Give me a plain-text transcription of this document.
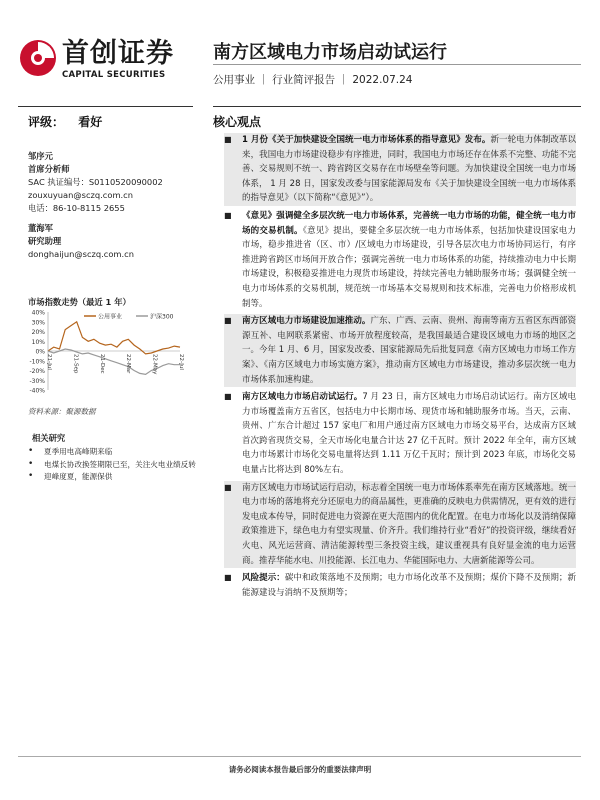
首创证券
CAPITAL SECURITIES
南方区域电力市场启动试运行
公用事业 ｜ 行业简评报告 ｜ 2022.07.24
评级： 看好
邹序元
首席分析师
SAC 执证编号：S0110520090002
zouxuyuan@sczq.com.cn
电话：86-10-8115 2655
董海军
研究助理
donghaijun@sczq.com.cn
市场指数走势（最近 1 年）
40%
30%
20%
10%
0%
-10%
-20%
-30%
-40%
公用事业	沪深300
21-Jul	21-Sep	21-Dec	22-Mar	22-May	22-Jul
资料来源：聚源数据
相关研究
• 夏季用电高峰期来临
• 电煤长协改换签期限已至，关注火电业绩反转
• 迎峰度夏，能源保供
核心观点
■ 1 月份《关于加快建设全国统一电力市场体系的指导意见》发布。新一轮电力体制改革以来，我国电力市场建设稳步有序推进，同时，我国电力市场还存在体系不完整、功能不完善、交易规则不统一、跨省跨区交易存在市场壁垒等问题。为加快建设全国统一电力市场体系， 1 月 28 日，国家发改委与国家能源局发布《关于加快建设全国统一电力市场体系的指导意见》（以下简称“《意见》”）。
■ 《意见》强调健全多层次统一电力市场体系，完善统一电力市场的功能，健全统一电力市场的交易机制。《意见》提出，要健全多层次统一电力市场体系，包括加快建设国家电力市场，稳步推进省（区、市）/区域电力市场建设，引导各层次电力市场协同运行，有序推进跨省跨区市场间开放合作；强调完善统一电力市场体系的功能，持续推动电力中长期市场建设，积极稳妥推进电力现货市场建设，持续完善电力辅助服务市场；强调健全统一电力市场体系的交易机制，规范统一市场基本交易规则和技术标准，完善电力价格形成机制等。
■ 南方区域电力市场建设加速推动。广东、广西、云南、贵州、海南等南方五省区东西部资源互补、电网联系紧密、市场开放程度较高，是我国最适合建设区域电力市场的地区之一。今年 1 月、6 月，国家发改委、国家能源局先后批复同意《南方区域电力市场工作方案》、《南方区域电力市场实施方案》，推动南方区域电力市场建设，推动多层次统一电力市场体系加速构建。
■ 南方区域电力市场启动试运行。7 月 23 日，南方区域电力市场启动试运行。南方区域电力市场覆盖南方五省区，包括电力中长期市场、现货市场和辅助服务市场。当天，云南、贵州、广东合计超过 157 家电厂和用户通过南方区域电力市场交易平台，达成南方区域首次跨省现货交易，全天市场化电量合计达 27 亿千瓦时。预计 2022 年全年，南方区域电力市场累计市场化交易电量将达到 1.11 万亿千瓦时；预计到 2023 年底，市场化交易电量占比将达到 80%左右。
■ 南方区域电力市场试运行启动，标志着全国统一电力市场体系率先在南方区域落地。统一电力市场的落地将充分还原电力的商品属性，更准确的反映电力供需情况，更有效的进行发电成本传导，同时促进电力资源在更大范围内的优化配置。在电力市场化以及消纳保障政策推进下，绿色电力有望实现量、价齐升。我们维持行业“看好”的投资评级，继续看好火电、风光运营商、清洁能源转型三条投资主线，建议重视具有良好显金流的电力运营商。推荐华能水电、川投能源、长江电力、华能国际电力、大唐新能源等公司。
■ 风险提示：碳中和政策落地不及预期；电力市场化改革不及预期；煤价下降不及预期；新能源建设与消纳不及预期等；
请务必阅读本报告最后部分的重要法律声明
